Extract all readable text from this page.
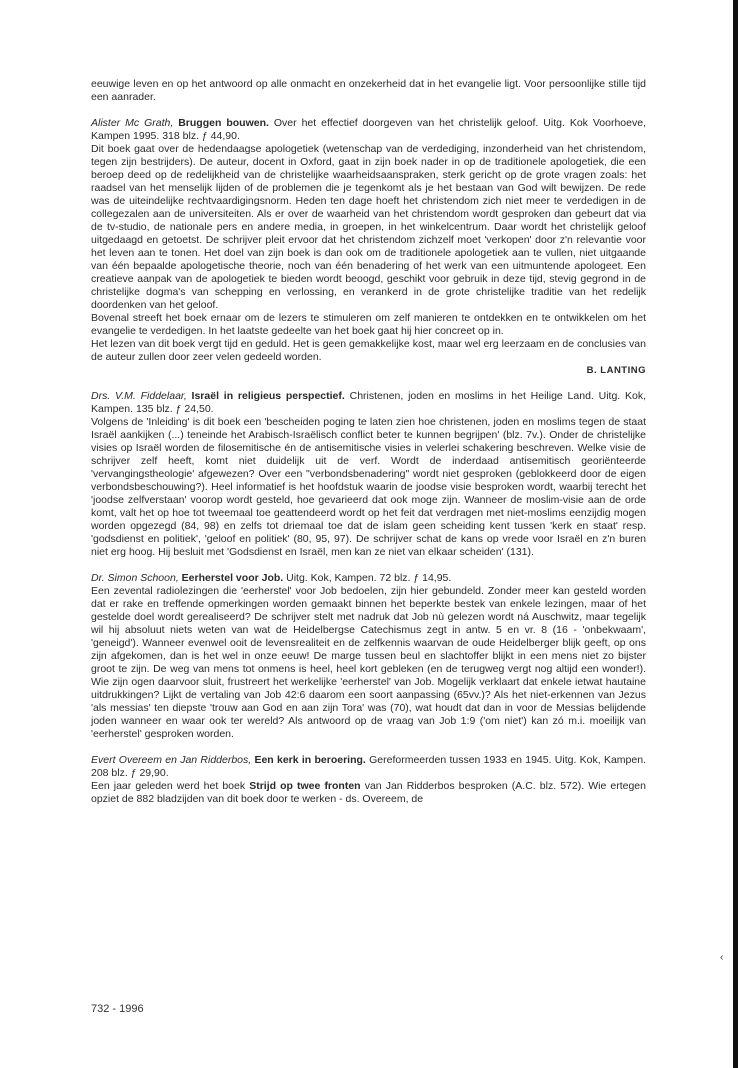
eeuwige leven en op het antwoord op alle onmacht en onzekerheid dat in het evangelie ligt. Voor persoonlijke stille tijd een aanrader.

Alister Mc Grath, Bruggen bouwen. Over het effectief doorgeven van het christelijk geloof. Uitg. Kok Voorhoeve, Kampen 1995. 318 blz. ƒ 44,90.

Dit boek gaat over de hedendaagse apologetiek (wetenschap van de verdediging, inzonderheid van het christendom, tegen zijn bestrijders). De auteur, docent in Oxford, gaat in zijn boek nader in op de traditionele apologetiek, die een beroep deed op de redelijkheid van de christelijke waarheidsaanspraken, sterk gericht op de grote vragen zoals: het raadsel van het menselijk lijden of de problemen die je tegenkomt als je het bestaan van God wilt bewijzen. De rede was de uiteindelijke rechtvaardigingsnorm. Heden ten dage hoeft het christendom zich niet meer te verdedigen in de collegezalen aan de universiteiten. Als er over de waarheid van het christendom wordt gesproken dan gebeurt dat via de tv-studio, de nationale pers en andere media, in groepen, in het winkelcentrum. Daar wordt het christelijk geloof uitgedaagd en getoetst. De schrijver pleit ervoor dat het christendom zichzelf moet 'verkopen' door z'n relevantie voor het leven aan te tonen. Het doel van zijn boek is dan ook om de traditionele apologetiek aan te vullen, niet uitgaande van één bepaalde apologetische theorie, noch van één benadering of het werk van een uitmuntende apologeet. Een creatieve aanpak van de apologetiek te bieden wordt beoogd, geschikt voor gebruik in deze tijd, stevig gegrond in de christelijke dogma's van schepping en verlossing, en verankerd in de grote christelijke traditie van het redelijk doordenken van het geloof.

Bovenal streeft het boek ernaar om de lezers te stimuleren om zelf manieren te ontdekken en te ontwikkelen om het evangelie te verdedigen. In het laatste gedeelte van het boek gaat hij hier concreet op in.

Het lezen van dit boek vergt tijd en geduld. Het is geen gemakkelijke kost, maar wel erg leerzaam en de conclusies van de auteur zullen door zeer velen gedeeld worden.

B. LANTING

Drs. V.M. Fiddelaar, Israël in religieus perspectief. Christenen, joden en moslims in het Heilige Land. Uitg. Kok, Kampen. 135 blz. ƒ 24,50.

Volgens de 'Inleiding' is dit boek een 'bescheiden poging te laten zien hoe christenen, joden en moslims tegen de staat Israël aankijken (...) teneinde het Arabisch-Israëlisch conflict beter te kunnen begrijpen' (blz. 7v.). Onder de christelijke visies op Israël worden de filosemitische én de antisemitische visies in velerlei schakering beschreven. Welke visie de schrijver zelf heeft, komt niet duidelijk uit de verf. Wordt de inderdaad antisemitisch georiënteerde 'vervangingstheologie' afgewezen? Over een "verbondsbenadering" wordt niet gesproken (geblokkeerd door de eigen verbondsbeschouwing?). Heel informatief is het hoofdstuk waarin de joodse visie besproken wordt, waarbij terecht het 'joodse zelfverstaan' voorop wordt gesteld, hoe gevarieerd dat ook moge zijn. Wanneer de moslim-visie aan de orde komt, valt het op hoe tot tweemaal toe geattendeerd wordt op het feit dat verdragen met niet-moslims eenzijdig mogen worden opgezegd (84, 98) en zelfs tot driemaal toe dat de islam geen scheiding kent tussen 'kerk en staat' resp. 'godsdienst en politiek', 'geloof en politiek' (80, 95, 97). De schrijver schat de kans op vrede voor Israël en z'n buren niet erg hoog. Hij besluit met 'Godsdienst en Israël, men kan ze niet van elkaar scheiden' (131).

Dr. Simon Schoon, Eerherstel voor Job. Uitg. Kok, Kampen. 72 blz. ƒ 14,95.

Een zevental radiolezingen die 'eerherstel' voor Job bedoelen, zijn hier gebundeld. Zonder meer kan gesteld worden dat er rake en treffende opmerkingen worden gemaakt binnen het beperkte bestek van enkele lezingen, maar of het gestelde doel wordt gerealiseerd? De schrijver stelt met nadruk dat Job nù gelezen wordt ná Auschwitz, maar tegelijk wil hij absoluut niets weten van wat de Heidelbergse Catechismus zegt in antw. 5 en vr. 8 (16 - 'onbekwaam', 'geneigd'). Wanneer evenwel ooit de levensrealiteit en de zelfkennis waarvan de oude Heidelberger blijk geeft, op ons zijn afgekomen, dan is het wel in onze eeuw! De marge tussen beul en slachtoffer blijkt in een mens niet zo bijster groot te zijn. De weg van mens tot onmens is heel, heel kort gebleken (en de terugweg vergt nog altijd een wonder!). Wie zijn ogen daarvoor sluit, frustreert het werkelijke 'eerherstel' van Job. Mogelijk verklaart dat enkele ietwat hautaine uitdrukkingen? Lijkt de vertaling van Job 42:6 daarom een soort aanpassing (65vv.)? Als het niet-erkennen van Jezus 'als messias' ten diepste 'trouw aan God en aan zijn Tora' was (70), wat houdt dat dan in voor de Messias belijdende joden wanneer en waar ook ter wereld? Als antwoord op de vraag van Job 1:9 ('om niet') kan zó m.i. moeilijk van 'eerherstel' gesproken worden.

Evert Overeem en Jan Ridderbos, Een kerk in beroering. Gereformeerden tussen 1933 en 1945. Uitg. Kok, Kampen. 208 blz. ƒ 29,90.

Een jaar geleden werd het boek Strijd op twee fronten van Jan Ridderbos besproken (A.C. blz. 572). Wie ertegen opziet de 882 bladzijden van dit boek door te werken - ds. Overeem, de

‹
732 - 1996
